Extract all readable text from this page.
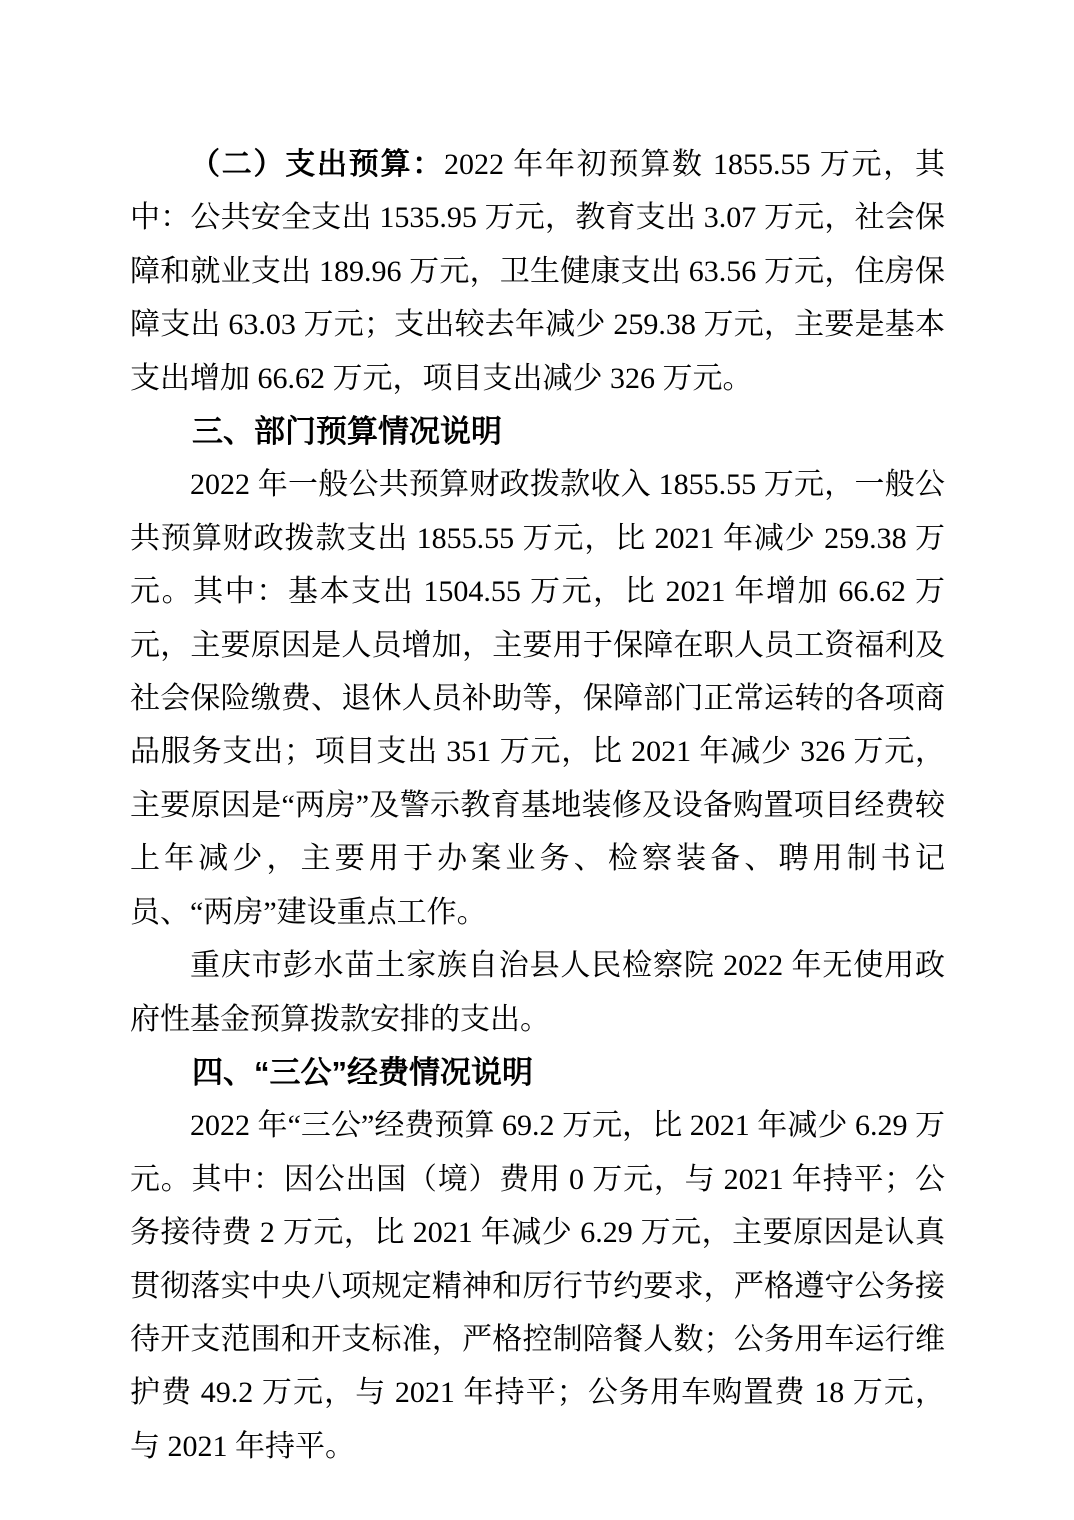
（二）支出预算：2022 年年初预算数 1855.55 万元，其中：公共安全支出 1535.95 万元，教育支出 3.07 万元，社会保障和就业支出 189.96 万元，卫生健康支出 63.56 万元，住房保障支出 63.03 万元；支出较去年减少 259.38 万元，主要是基本支出增加 66.62 万元，项目支出减少 326 万元。

三、部门预算情况说明

2022 年一般公共预算财政拨款收入 1855.55 万元，一般公共预算财政拨款支出 1855.55 万元，比 2021 年减少 259.38 万元。其中：基本支出 1504.55 万元，比 2021 年增加 66.62 万元，主要原因是人员增加，主要用于保障在职人员工资福利及社会保险缴费、退休人员补助等，保障部门正常运转的各项商品服务支出；项目支出 351 万元，比 2021 年减少 326 万元，主要原因是“两房”及警示教育基地装修及设备购置项目经费较上年减少，主要用于办案业务、检察装备、聘用制书记员、“两房”建设重点工作。

重庆市彭水苗土家族自治县人民检察院 2022 年无使用政府性基金预算拨款安排的支出。

四、“三公”经费情况说明

2022 年“三公”经费预算 69.2 万元，比 2021 年减少 6.29 万元。其中：因公出国（境）费用 0 万元，与 2021 年持平；公务接待费 2 万元，比 2021 年减少 6.29 万元，主要原因是认真贯彻落实中央八项规定精神和厉行节约要求，严格遵守公务接待开支范围和开支标准，严格控制陪餐人数；公务用车运行维护费 49.2 万元，与 2021 年持平；公务用车购置费 18 万元，与 2021 年持平。
